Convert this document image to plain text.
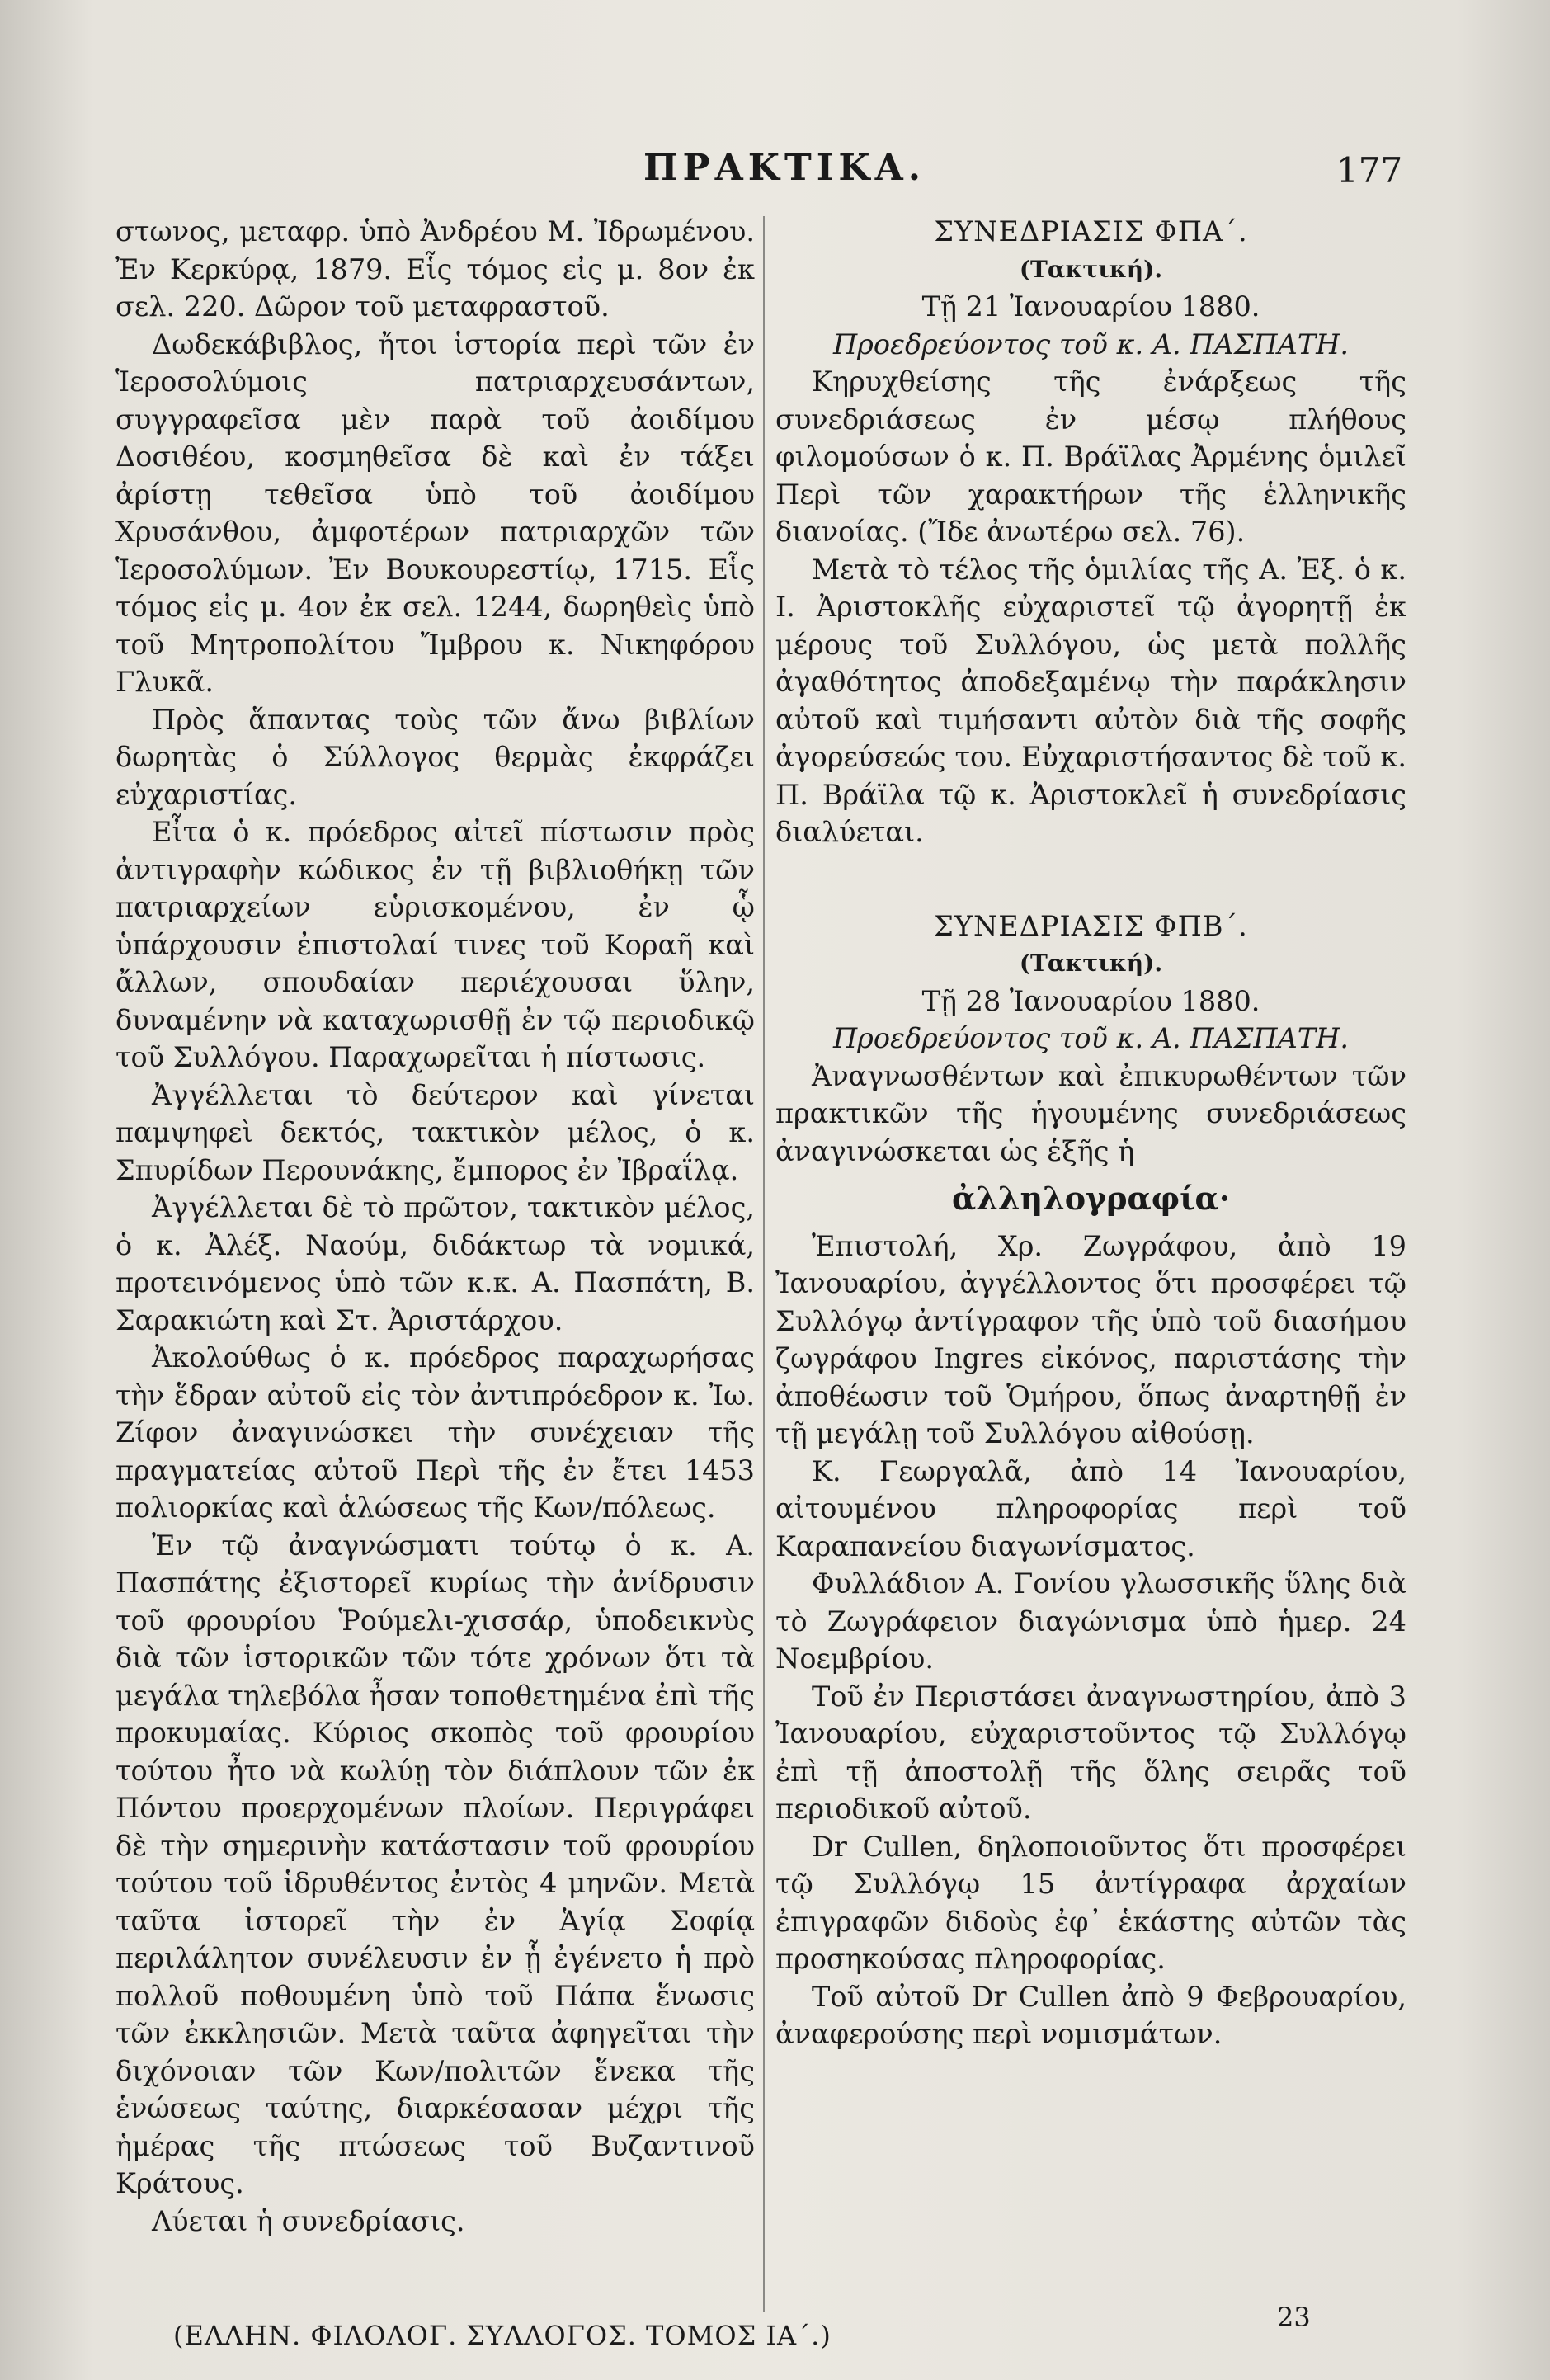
ΠΡΑΚΤΙΚΑ.	177

στωνος, μεταφρ. ὑπὸ Ἀνδρέου Μ. Ἰδρωμένου. Ἐν Κερκύρᾳ, 1879. Εἷς τόμος εἰς μ. 8ον ἐκ σελ. 220. Δῶρον τοῦ μεταφραστοῦ.

Δωδεκάβιβλος, ἤτοι ἱστορία περὶ τῶν ἐν Ἱεροσολύμοις πατριαρχευσάντων, συγγραφεῖσα μὲν παρὰ τοῦ ἀοιδίμου Δοσιθέου, κοσμηθεῖσα δὲ καὶ ἐν τάξει ἀρίστῃ τεθεῖσα ὑπὸ τοῦ ἀοιδίμου Χρυσάνθου, ἀμφοτέρων πατριαρχῶν τῶν Ἱεροσολύμων. Ἐν Βουκουρεστίῳ, 1715. Εἷς τόμος εἰς μ. 4ον ἐκ σελ. 1244, δωρηθεὶς ὑπὸ τοῦ Μητροπολίτου Ἴμβρου κ. Νικηφόρου Γλυκᾶ.

Πρὸς ἅπαντας τοὺς τῶν ἄνω βιβλίων δωρητὰς ὁ Σύλλογος θερμὰς ἐκφράζει εὐχαριστίας.

Εἶτα ὁ κ. πρόεδρος αἰτεῖ πίστωσιν πρὸς ἀντιγραφὴν κώδικος ἐν τῇ βιβλιοθήκῃ τῶν πατριαρχείων εὑρισκομένου, ἐν ᾧ ὑπάρχουσιν ἐπιστολαί τινες τοῦ Κοραῆ καὶ ἄλλων, σπουδαίαν περιέχουσαι ὕλην, δυναμένην νὰ καταχωρισθῇ ἐν τῷ περιοδικῷ τοῦ Συλλόγου. Παραχωρεῖται ἡ πίστωσις.

Ἀγγέλλεται τὸ δεύτερον καὶ γίνεται παμψηφεὶ δεκτός, τακτικὸν μέλος, ὁ κ. Σπυρίδων Περουνάκης, ἔμπορος ἐν Ἰβραΐλᾳ.

Ἀγγέλλεται δὲ τὸ πρῶτον, τακτικὸν μέλος, ὁ κ. Ἀλέξ. Ναούμ, διδάκτωρ τὰ νομικά, προτεινόμενος ὑπὸ τῶν κ.κ. Α. Πασπάτη, Β. Σαρακιώτη καὶ Στ. Ἀριστάρχου.

Ἀκολούθως ὁ κ. πρόεδρος παραχωρήσας τὴν ἕδραν αὐτοῦ εἰς τὸν ἀντιπρόεδρον κ. Ἰω. Ζίφον ἀναγινώσκει τὴν συνέχειαν τῆς πραγματείας αὐτοῦ Περὶ τῆς ἐν ἔτει 1453 πολιορκίας καὶ ἁλώσεως τῆς Κων/πόλεως.

Ἐν τῷ ἀναγνώσματι τούτῳ ὁ κ. Α. Πασπάτης ἐξιστορεῖ κυρίως τὴν ἀνίδρυσιν τοῦ φρουρίου Ῥούμελι-χισσάρ, ὑποδεικνὺς διὰ τῶν ἱστορικῶν τῶν τότε χρόνων ὅτι τὰ μεγάλα τηλεβόλα ἦσαν τοποθετημένα ἐπὶ τῆς προκυμαίας. Κύριος σκοπὸς τοῦ φρουρίου τούτου ἦτο νὰ κωλύῃ τὸν διάπλουν τῶν ἐκ Πόντου προερχομένων πλοίων. Περιγράφει δὲ τὴν σημερινὴν κατάστασιν τοῦ φρουρίου τούτου τοῦ ἱδρυθέντος ἐντὸς 4 μηνῶν. Μετὰ ταῦτα ἱστορεῖ τὴν ἐν Ἁγίᾳ Σοφίᾳ περιλάλητον συνέλευσιν ἐν ᾗ ἐγένετο ἡ πρὸ πολλοῦ ποθουμένη ὑπὸ τοῦ Πάπα ἕνωσις τῶν ἐκκλησιῶν. Μετὰ ταῦτα ἀφηγεῖται τὴν διχόνοιαν τῶν Κων/πολιτῶν ἕνεκα τῆς ἑνώσεως ταύτης, διαρκέσασαν μέχρι τῆς ἡμέρας τῆς πτώσεως τοῦ Βυζαντινοῦ Κράτους.

Λύεται ἡ συνεδρίασις.

ΣΥΝΕΔΡΙΑΣΙΣ ΦΠΑ΄.

(Τακτική).

Τῇ 21 Ἰανουαρίου 1880.

Προεδρεύοντος τοῦ κ. Α. ΠΑΣΠΑΤΗ.

Κηρυχθείσης τῆς ἐνάρξεως τῆς συνεδριάσεως ἐν μέσῳ πλήθους φιλομούσων ὁ κ. Π. Βράϊλας Ἀρμένης ὁμιλεῖ Περὶ τῶν χαρακτήρων τῆς ἑλληνικῆς διανοίας. (Ἴδε ἀνωτέρω σελ. 76).

Μετὰ τὸ τέλος τῆς ὁμιλίας τῆς Α. Ἐξ. ὁ κ. Ι. Ἀριστοκλῆς εὐχαριστεῖ τῷ ἀγορητῇ ἐκ μέρους τοῦ Συλλόγου, ὡς μετὰ πολλῆς ἀγαθότητος ἀποδεξαμένῳ τὴν παράκλησιν αὐτοῦ καὶ τιμήσαντι αὐτὸν διὰ τῆς σοφῆς ἀγορεύσεώς του. Εὐχαριστήσαντος δὲ τοῦ κ. Π. Βράϊλα τῷ κ. Ἀριστοκλεῖ ἡ συνεδρίασις διαλύεται.

ΣΥΝΕΔΡΙΑΣΙΣ ΦΠΒ΄.

(Τακτική).

Τῇ 28 Ἰανουαρίου 1880.

Προεδρεύοντος τοῦ κ. Α. ΠΑΣΠΑΤΗ.

Ἀναγνωσθέντων καὶ ἐπικυρωθέντων τῶν πρακτικῶν τῆς ἡγουμένης συνεδριάσεως ἀναγινώσκεται ὡς ἑξῆς ἡ

ἀλληλογραφία·

Ἐπιστολή, Χρ. Ζωγράφου, ἀπὸ 19 Ἰανουαρίου, ἀγγέλλοντος ὅτι προσφέρει τῷ Συλλόγῳ ἀντίγραφον τῆς ὑπὸ τοῦ διασήμου ζωγράφου Ingres εἰκόνος, παριστάσης τὴν ἀποθέωσιν τοῦ Ὁμήρου, ὅπως ἀναρτηθῇ ἐν τῇ μεγάλῃ τοῦ Συλλόγου αἰθούσῃ.

Κ. Γεωργαλᾶ, ἀπὸ 14 Ἰανουαρίου, αἰτουμένου πληροφορίας περὶ τοῦ Καραπανείου διαγωνίσματος.

Φυλλάδιον Α. Γονίου γλωσσικῆς ὕλης διὰ τὸ Ζωγράφειον διαγώνισμα ὑπὸ ἡμερ. 24 Νοεμβρίου.

Τοῦ ἐν Περιστάσει ἀναγνωστηρίου, ἀπὸ 3 Ἰανουαρίου, εὐχαριστοῦντος τῷ Συλλόγῳ ἐπὶ τῇ ἀποστολῇ τῆς ὅλης σειρᾶς τοῦ περιοδικοῦ αὐτοῦ.

Dr Cullen, δηλοποιοῦντος ὅτι προσφέρει τῷ Συλλόγῳ 15 ἀντίγραφα ἀρχαίων ἐπιγραφῶν διδοὺς ἐφ᾽ ἑκάστης αὐτῶν τὰς προσηκούσας πληροφορίας.

Τοῦ αὐτοῦ Dr Cullen ἀπὸ 9 Φεβρουαρίου, ἀναφερούσης περὶ νομισμάτων.

(ΕΛΛΗΝ. ΦΙΛΟΛΟΓ. ΣΥΛΛΟΓΟΣ. ΤΟΜΟΣ ΙΑ΄.)
23
